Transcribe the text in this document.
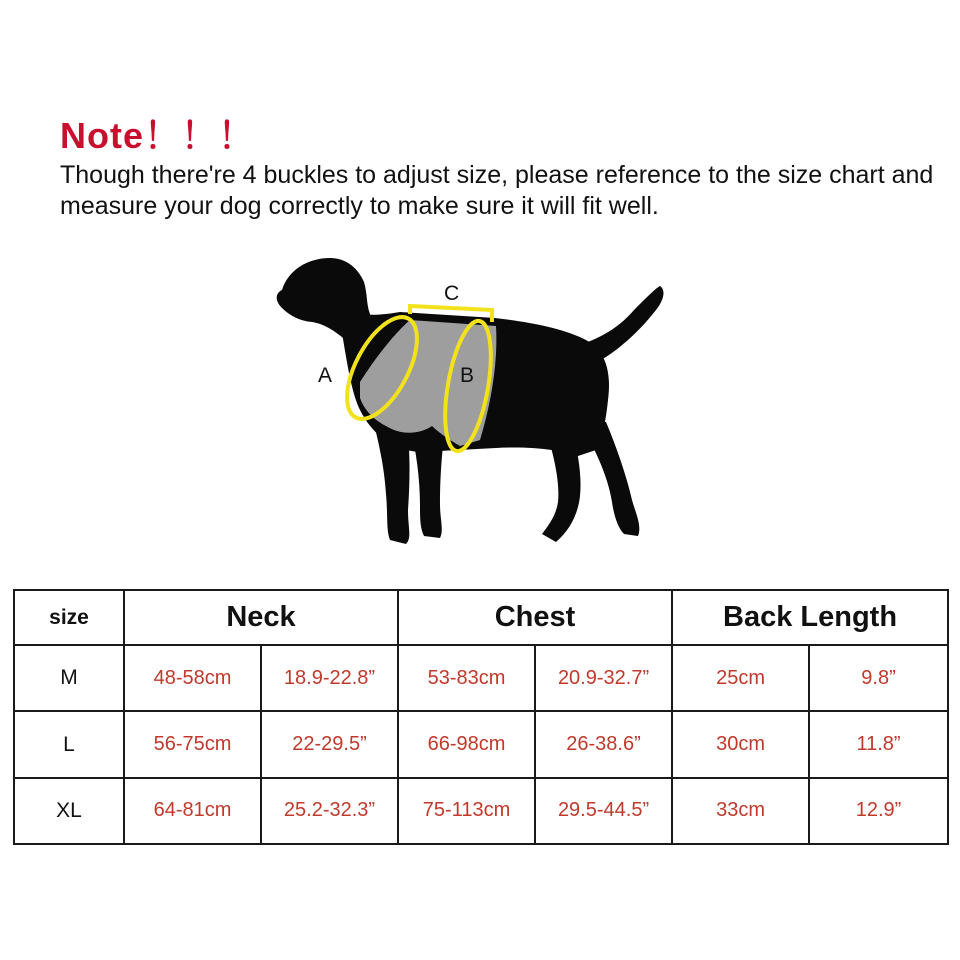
Note！！！

Though there're 4 buckles to adjust size, please reference to the size chart and measure your dog correctly to make sure it will fit well.

C
A	B
size	Neck		Chest		Back Length	
M	48-58cm	18.9-22.8”	53-83cm	20.9-32.7”	25cm	9.8”
L	56-75cm	22-29.5”	66-98cm	26-38.6”	30cm	11.8”
XL	64-81cm	25.2-32.3”	75-113cm	29.5-44.5”	33cm	12.9”
